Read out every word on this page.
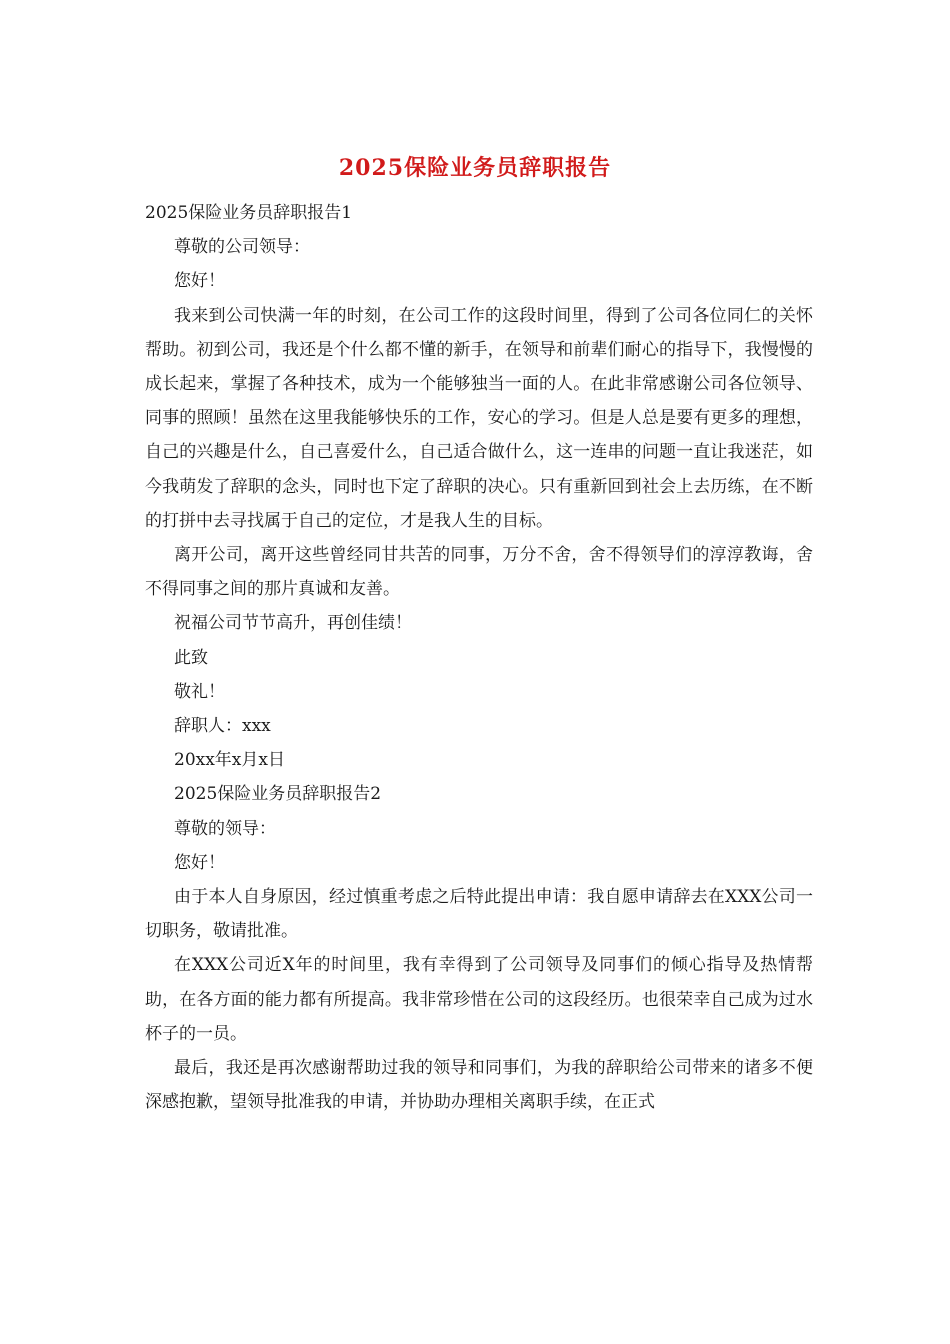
2025保险业务员辞职报告

2025保险业务员辞职报告1

尊敬的公司领导：

您好！

我来到公司快满一年的时刻，在公司工作的这段时间里，得到了公司各位同仁的关怀帮助。初到公司，我还是个什么都不懂的新手，在领导和前辈们耐心的指导下，我慢慢的成长起来，掌握了各种技术，成为一个能够独当一面的人。在此非常感谢公司各位领导、同事的照顾！虽然在这里我能够快乐的工作，安心的学习。但是人总是要有更多的理想，自己的兴趣是什么，自己喜爱什么，自己适合做什么，这一连串的问题一直让我迷茫，如今我萌发了辞职的念头，同时也下定了辞职的决心。只有重新回到社会上去历练，在不断的打拼中去寻找属于自己的定位，才是我人生的目标。

离开公司，离开这些曾经同甘共苦的同事，万分不舍，舍不得领导们的淳淳教诲，舍不得同事之间的那片真诚和友善。

祝福公司节节高升，再创佳绩！

此致

敬礼！

辞职人：xxx

20xx年x月x日

2025保险业务员辞职报告2

尊敬的领导：

您好！

由于本人自身原因，经过慎重考虑之后特此提出申请：我自愿申请辞去在XXX公司一切职务，敬请批准。

在XXX公司近X年的时间里，我有幸得到了公司领导及同事们的倾心指导及热情帮助，在各方面的能力都有所提高。我非常珍惜在公司的这段经历。也很荣幸自己成为过水杯子的一员。

最后，我还是再次感谢帮助过我的领导和同事们，为我的辞职给公司带来的诸多不便深感抱歉，望领导批准我的申请，并协助办理相关离职手续，在正式
